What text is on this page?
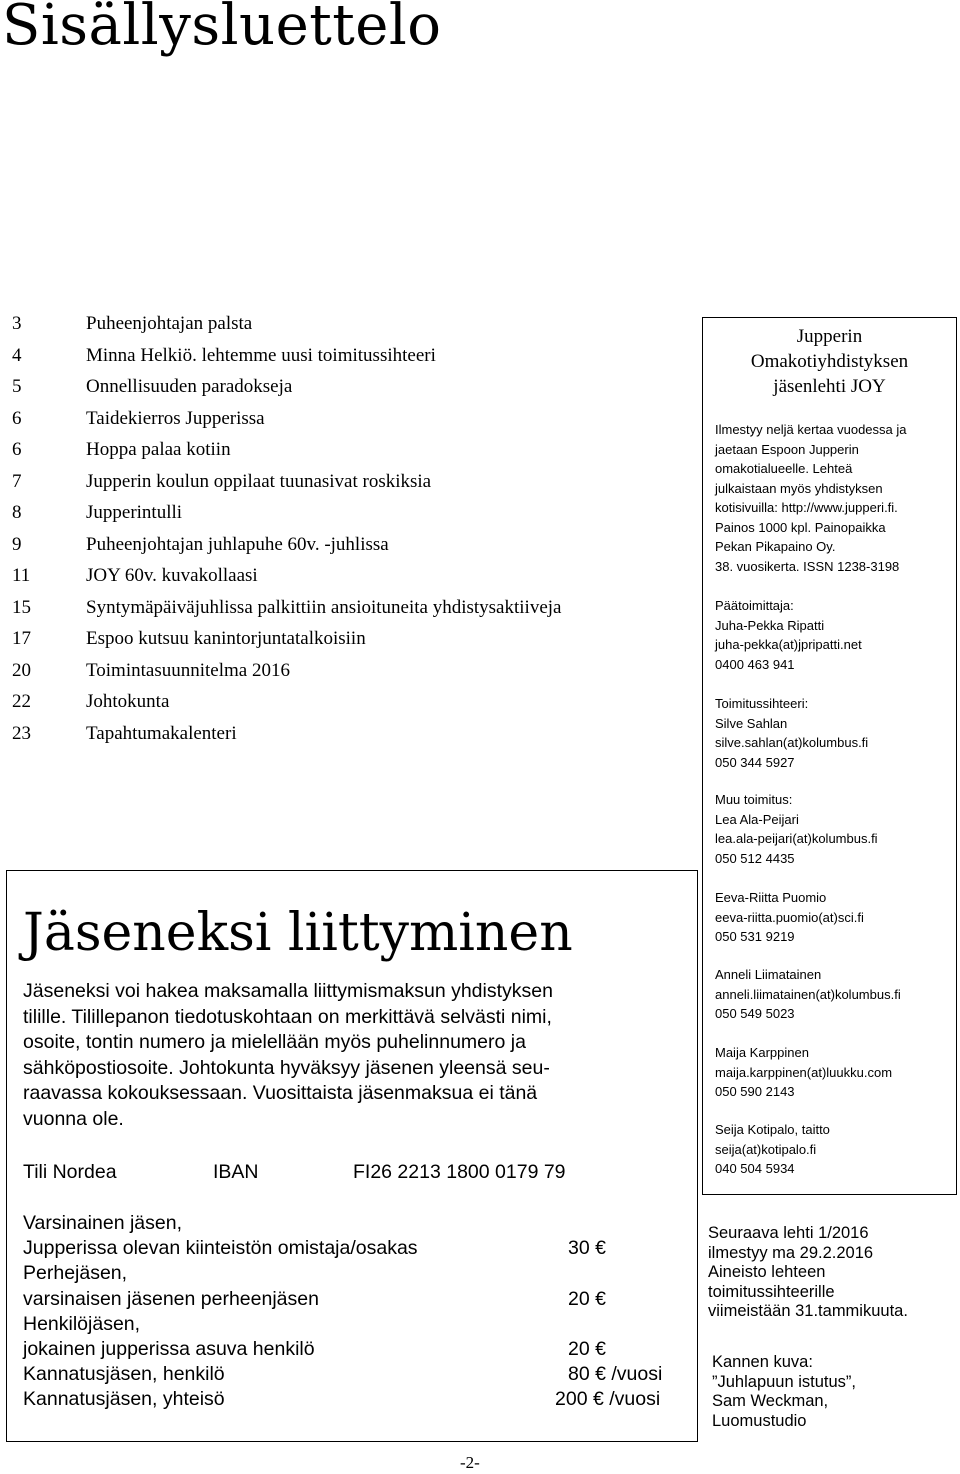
Sisällysluettelo
3	Puheenjohtajan palsta
4	Minna Helkiö. lehtemme uusi toimitussihteeri
5	Onnellisuuden paradokseja
6	Taidekierros Jupperissa
6	Hoppa palaa kotiin
7	Jupperin koulun oppilaat tuunasivat roskiksia
8	Jupperintulli
9	Puheenjohtajan juhlapuhe 60v. -juhlissa
11	JOY 60v. kuvakollaasi
15	Syntymäpäiväjuhlissa palkittiin ansioituneita yhdistysaktiiveja
17	Espoo kutsuu kanintorjuntatalkoisiin
20	Toimintasuunnitelma 2016
22	Johtokunta
23	Tapahtumakalenteri
Jupperin
Omakotiyhdistyksen
jäsenlehti JOY
Ilmestyy neljä kertaa vuodessa ja
jaetaan Espoon Jupperin
omakotialueelle. Lehteä
julkaistaan myös yhdistyksen
kotisivuilla: http://www.jupperi.fi.
Painos 1000 kpl. Painopaikka
Pekan Pikapaino Oy.
38. vuosikerta. ISSN 1238-3198
Päätoimittaja:
Juha-Pekka Ripatti
juha-pekka(at)jpripatti.net
0400 463 941
Toimitussihteeri:
Silve Sahlan
silve.sahlan(at)kolumbus.fi
050 344 5927
Muu toimitus:
Lea Ala-Peijari
lea.ala-peijari(at)kolumbus.fi
050 512 4435
Eeva-Riitta Puomio
eeva-riitta.puomio(at)sci.fi
050 531 9219
Anneli Liimatainen
anneli.liimatainen(at)kolumbus.fi
050 549 5023
Maija Karppinen
maija.karppinen(at)luukku.com
050 590 2143
Seija Kotipalo, taitto
seija(at)kotipalo.fi
040 504 5934
Jäseneksi liittyminen
Jäseneksi voi hakea maksamalla liittymismaksun yhdistyksen
tilille. Tilillepanon tiedotuskohtaan on merkittävä selvästi nimi,
osoite, tontin numero ja mielellään myös puhelinnumero ja
sähköpostiosoite. Johtokunta hyväksyy jäsenen yleensä seu-
raavassa kokouksessaan. Vuosittaista jäsenmaksua ei tänä
vuonna ole.
Tili Nordea	IBAN	FI26 2213 1800 0179 79
Varsinainen jäsen,
Jupperissa olevan kiinteistön omistaja/osakas	30 €
Perhejäsen,
varsinaisen jäsenen perheenjäsen	20 €
Henkilöjäsen,
jokainen jupperissa asuva henkilö	20 €
Kannatusjäsen, henkilö	80 € /vuosi
Kannatusjäsen, yhteisö	200 € /vuosi
Seuraava lehti 1/2016
ilmestyy ma 29.2.2016
Aineisto lehteen
toimitussihteerille
viimeistään 31.tammikuuta.
Kannen kuva:
”Juhlapuun istutus”,
Sam Weckman,
Luomustudio
-2-
